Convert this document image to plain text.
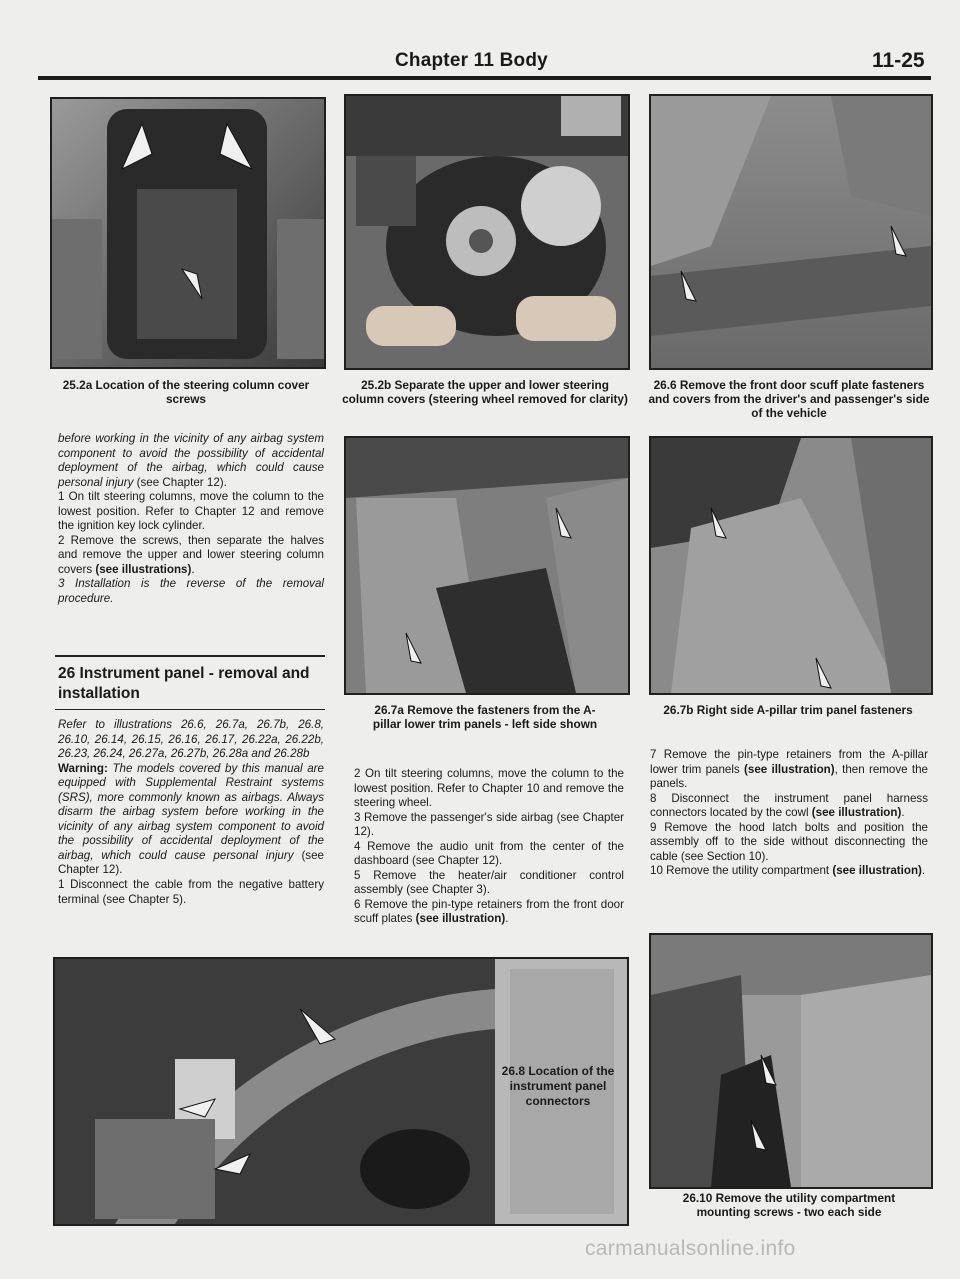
Chapter 11 Body	11-25
25.2a Location of the steering column cover screws
25.2b Separate the upper and lower steering column covers (steering wheel removed for clarity)
26.6 Remove the front door scuff plate fasteners and covers from the driver's and passenger's side of the vehicle

before working in the vicinity of any airbag system component to avoid the possibility of accidental deployment of the airbag, which could cause personal injury (see Chapter 12).

1 On tilt steering columns, move the column to the lowest position. Refer to Chapter 12 and remove the ignition key lock cylinder.

2 Remove the screws, then separate the halves and remove the upper and lower steering column covers (see illustrations).

3 Installation is the reverse of the removal procedure.

26 Instrument panel - removal and installation

Refer to illustrations 26.6, 26.7a, 26.7b, 26.8, 26.10, 26.14, 26.15, 26.16, 26.17, 26.22a, 26.22b, 26.23, 26.24, 26.27a, 26.27b, 26.28a and 26.28b

Warning: The models covered by this manual are equipped with Supplemental Restraint systems (SRS), more commonly known as airbags. Always disarm the airbag system before working in the vicinity of any airbag system component to avoid the possibility of accidental deployment of the airbag, which could cause personal injury (see Chapter 12).

1 Disconnect the cable from the negative battery terminal (see Chapter 5).

26.7a Remove the fasteners from the A-pillar lower trim panels - left side shown
26.7b Right side A-pillar trim panel fasteners

2 On tilt steering columns, move the column to the lowest position. Refer to Chapter 10 and remove the steering wheel.

3 Remove the passenger's side airbag (see Chapter 12).

4 Remove the audio unit from the center of the dashboard (see Chapter 12).

5 Remove the heater/air conditioner control assembly (see Chapter 3).

6 Remove the pin-type retainers from the front door scuff plates (see illustration).

7 Remove the pin-type retainers from the A-pillar lower trim panels (see illustration), then remove the panels.

8 Disconnect the instrument panel harness connectors located by the cowl (see illustration).

9 Remove the hood latch bolts and position the assembly off to the side without disconnecting the cable (see Section 10).

10 Remove the utility compartment (see illustration).

26.8 Location of the instrument panel connectors
26.10 Remove the utility compartment mounting screws - two each side
carmanualsonline.info
